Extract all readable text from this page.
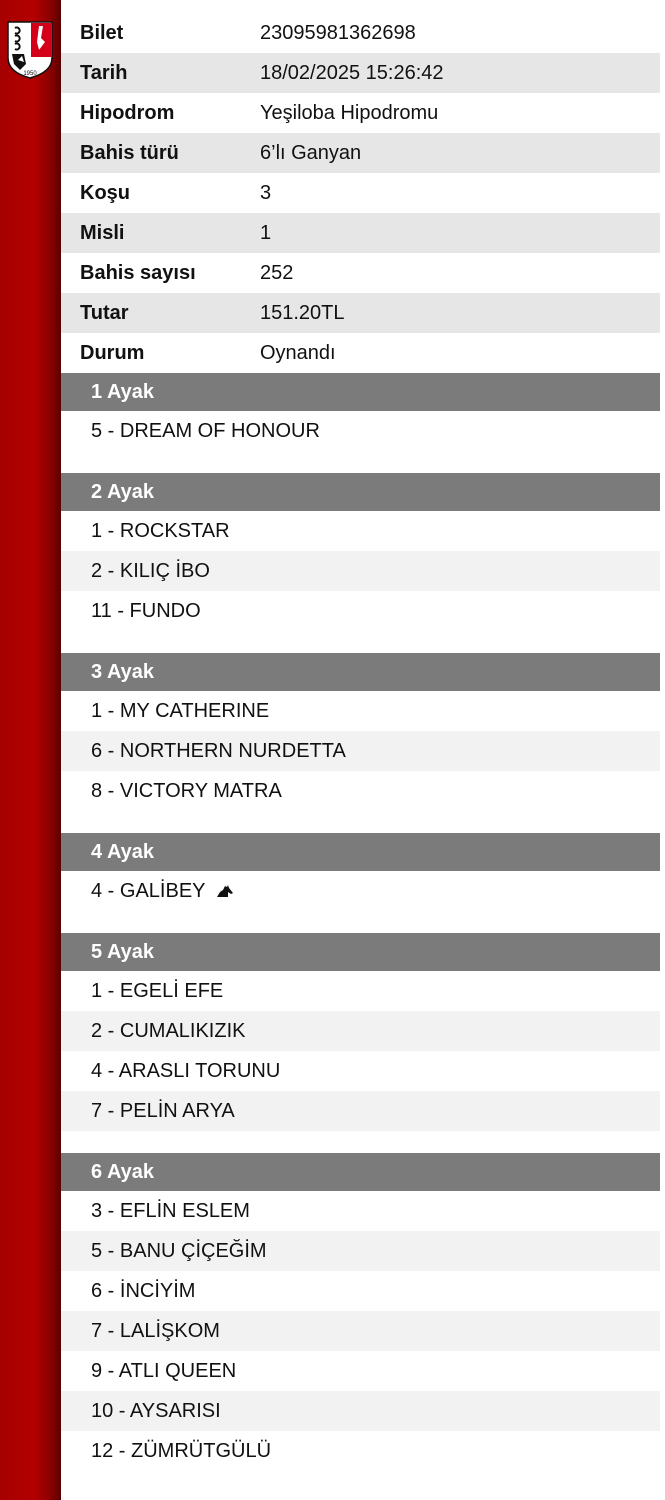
1950
Bilet	23095981362698
Tarih	18/02/2025 15:26:42
Hipodrom	Yeşiloba Hipodromu
Bahis türü	6’lı Ganyan
Koşu	3
Misli	1
Bahis sayısı	252
Tutar	151.20TL
Durum	Oynandı
1 Ayak
5 - DREAM OF HONOUR
2 Ayak
1 - ROCKSTAR
2 - KILIÇ İBO
11 - FUNDO
3 Ayak
1 - MY CATHERINE
6 - NORTHERN NURDETTA
8 - VICTORY MATRA
4 Ayak
4 - GALİBEY
5 Ayak
1 - EGELİ EFE
2 - CUMALIKIZIK
4 - ARASLI TORUNU
7 - PELİN ARYA
6 Ayak
3 - EFLİN ESLEM
5 - BANU ÇİÇEĞİM
6 - İNCİYİM
7 - LALİŞKOM
9 - ATLI QUEEN
10 - AYSARISI
12 - ZÜMRÜTGÜLÜ
